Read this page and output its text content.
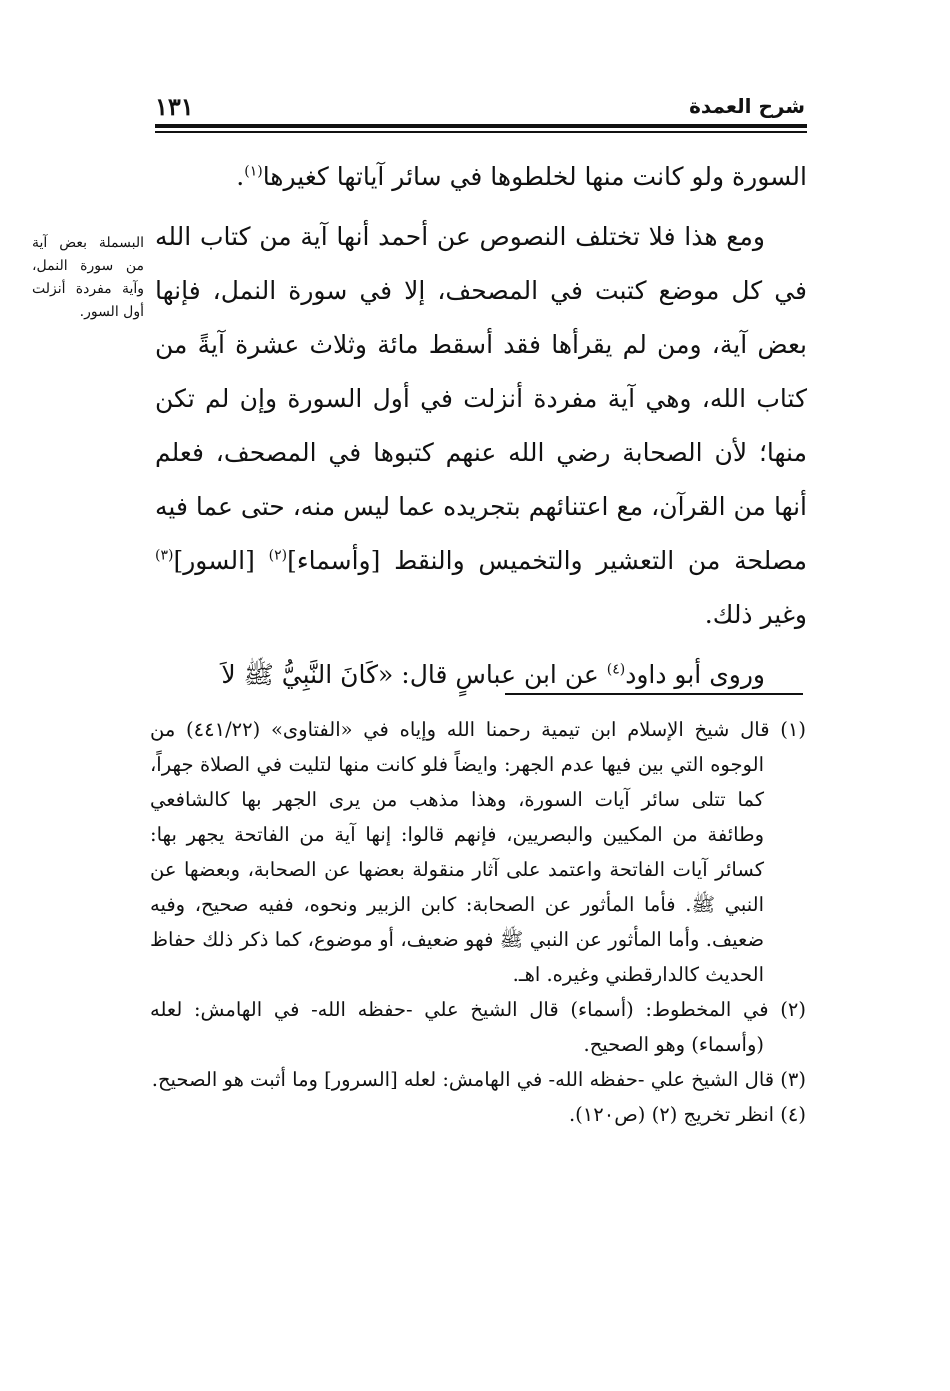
شرح العمدة
١٣١
البسملة بعض آية من سورة النمل، وآية مفردة أنزلت أول السور.

السورة ولو كانت منها لخلطوها في سائر آياتها كغيرها$^{(١)}$.

ومع هذا فلا تختلف النصوص عن أحمد أنها آية من كتاب الله في كل موضع كتبت في المصحف، إلا في سورة النمل، فإنها بعض آية، ومن لم يقرأها فقد أسقط مائة وثلاث عشرة آيةً من كتاب الله، وهي آية مفردة أنزلت في أول السورة وإن لم تكن منها؛ لأن الصحابة رضي الله عنهم كتبوها في المصحف، فعلم أنها من القرآن، مع اعتنائهم بتجريده عما ليس منه، حتى عما فيه مصلحة من التعشير والتخميس والنقط [وأسماء]$^{(٢)}$ [السور]$^{(٣)}$ وغير ذلك.

وروى أبو داود$^{(٤)}$ عن ابن عباسٍ قال: «كَانَ النَّبِيُّ ﷺ لاَ

(١) قال شيخ الإسلام ابن تيمية رحمنا الله وإياه في «الفتاوى» (٤٤١/٢٢) من الوجوه التي بين فيها عدم الجهر: وايضاً فلو كانت منها لتليت في الصلاة جهراً، كما تتلى سائر آيات السورة، وهذا مذهب من يرى الجهر بها كالشافعي وطائفة من المكيين والبصريين، فإنهم قالوا: إنها آية من الفاتحة يجهر بها: كسائر آيات الفاتحة واعتمد على آثار منقولة بعضها عن الصحابة، وبعضها عن النبي ﷺ. فأما المأثور عن الصحابة: كابن الزبير ونحوه، ففيه صحيح، وفيه ضعيف. وأما المأثور عن النبي ﷺ فهو ضعيف، أو موضوع، كما ذكر ذلك حفاظ الحديث كالدارقطني وغيره. اهـ.

(٢) في المخطوط: (أسماء) قال الشيخ علي -حفظه الله- في الهامش: لعله (وأسماء) وهو الصحيح.

(٣) قال الشيخ علي -حفظه الله- في الهامش: لعله [السرور] وما أثبت هو الصحيح.

(٤) انظر تخريج (٢) (ص١٢٠).
